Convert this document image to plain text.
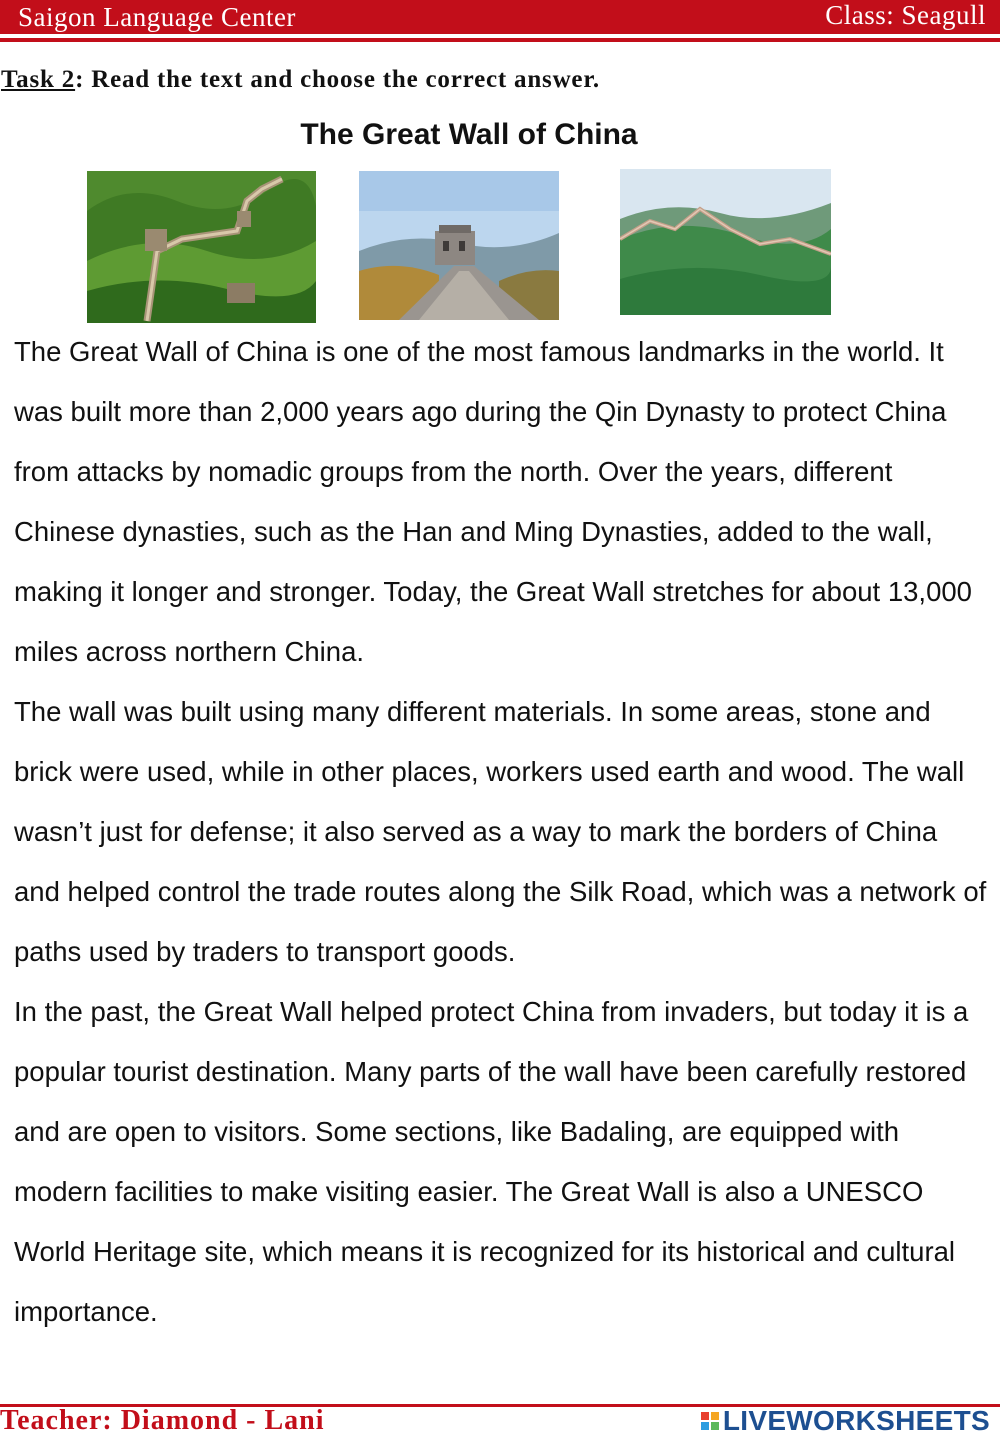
Saigon Language Center	Class: Seagull
Task 2: Read the text and choose the correct answer.
The Great Wall of China

The Great Wall of China is one of the most famous landmarks in the world. It was built more than 2,000 years ago during the Qin Dynasty to protect China from attacks by nomadic groups from the north. Over the years, different Chinese dynasties, such as the Han and Ming Dynasties, added to the wall, making it longer and stronger. Today, the Great Wall stretches for about 13,000 miles across northern China.

The wall was built using many different materials. In some areas, stone and brick were used, while in other places, workers used earth and wood. The wall wasn’t just for defense; it also served as a way to mark the borders of China and helped control the trade routes along the Silk Road, which was a network of paths used by traders to transport goods.

In the past, the Great Wall helped protect China from invaders, but today it is a popular tourist destination. Many parts of the wall have been carefully restored and are open to visitors. Some sections, like Badaling, are equipped with modern facilities to make visiting easier. The Great Wall is also a UNESCO World Heritage site, which means it is recognized for its historical and cultural importance.

Teacher: Diamond - Lani	LIVEWORKSHEETS
